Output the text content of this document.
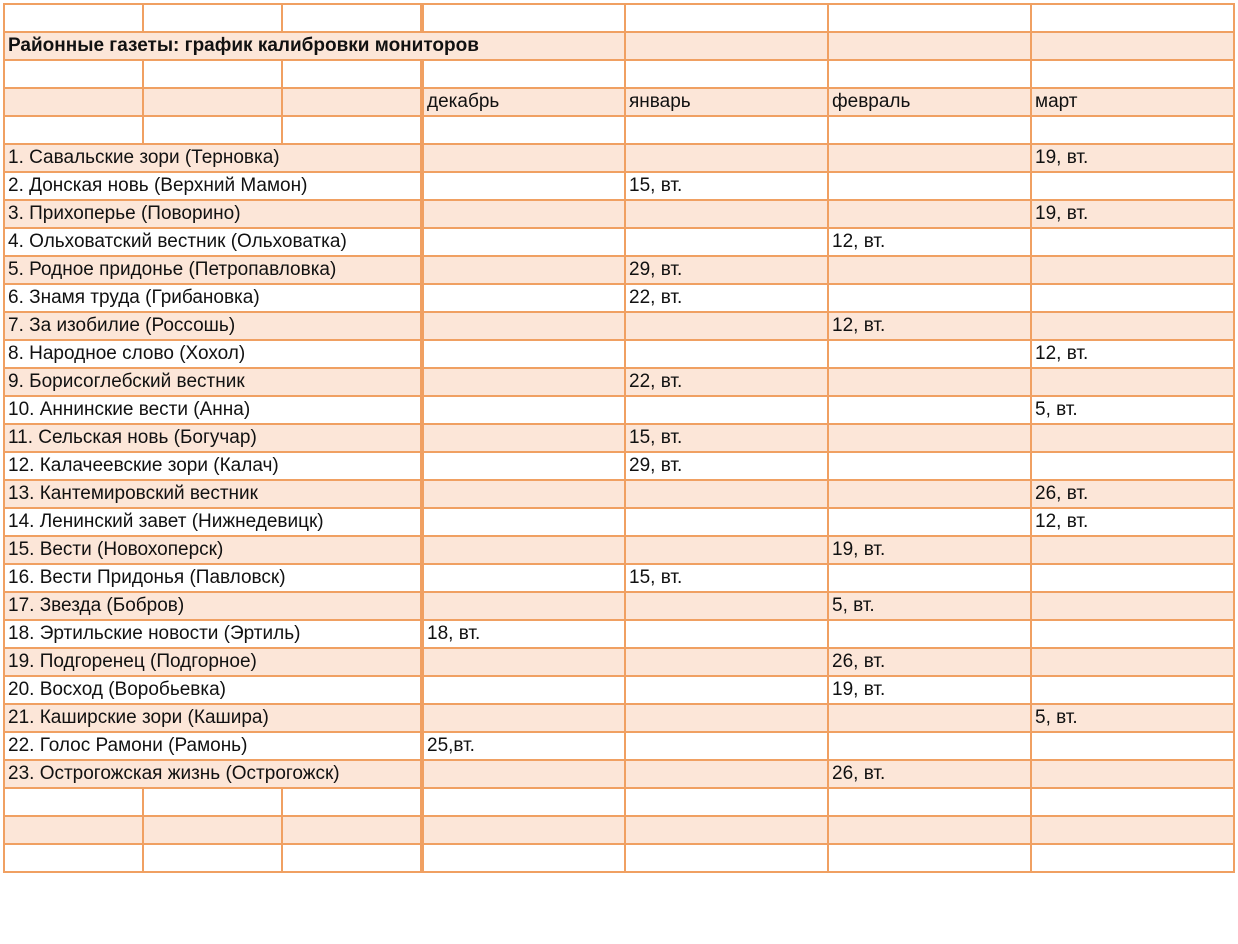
Районные газеты: график калибровки мониторов						

			декабрь	январь	февраль	март

1. Савальские зори (Терновка)						19, вт.
2. Донская новь (Верхний Мамон)				15, вт.		
3. Прихоперье (Поворино)						19, вт.
4. Ольховатский вестник (Ольховатка)					12, вт.	
5. Родное придонье (Петропавловка)				29, вт.		
6. Знамя труда (Грибановка)				22, вт.		
7. За изобилие (Россошь)					12, вт.	
8. Народное слово (Хохол)						12, вт.
9. Борисоглебский вестник				22, вт.		
10. Аннинские вести (Анна)						5, вт.
11. Сельская новь (Богучар)				15, вт.		
12. Калачеевские зори (Калач)				29, вт.		
13. Кантемировский вестник						26, вт.
14. Ленинский завет (Нижнедевицк)						12, вт.
15. Вести (Новохоперск)					19, вт.	
16. Вести Придонья (Павловск)				15, вт.		
17. Звезда (Бобров)					5, вт.	
18. Эртильские новости (Эртиль)			18, вт.			
19. Подгоренец (Подгорное)					26, вт.	
20. Восход (Воробьевка)					19, вт.	
21. Каширские зори (Кашира)						5, вт.
22. Голос Рамони (Рамонь)			25,вт.			
23. Острогожская жизнь (Острогожск)					26, вт.	
